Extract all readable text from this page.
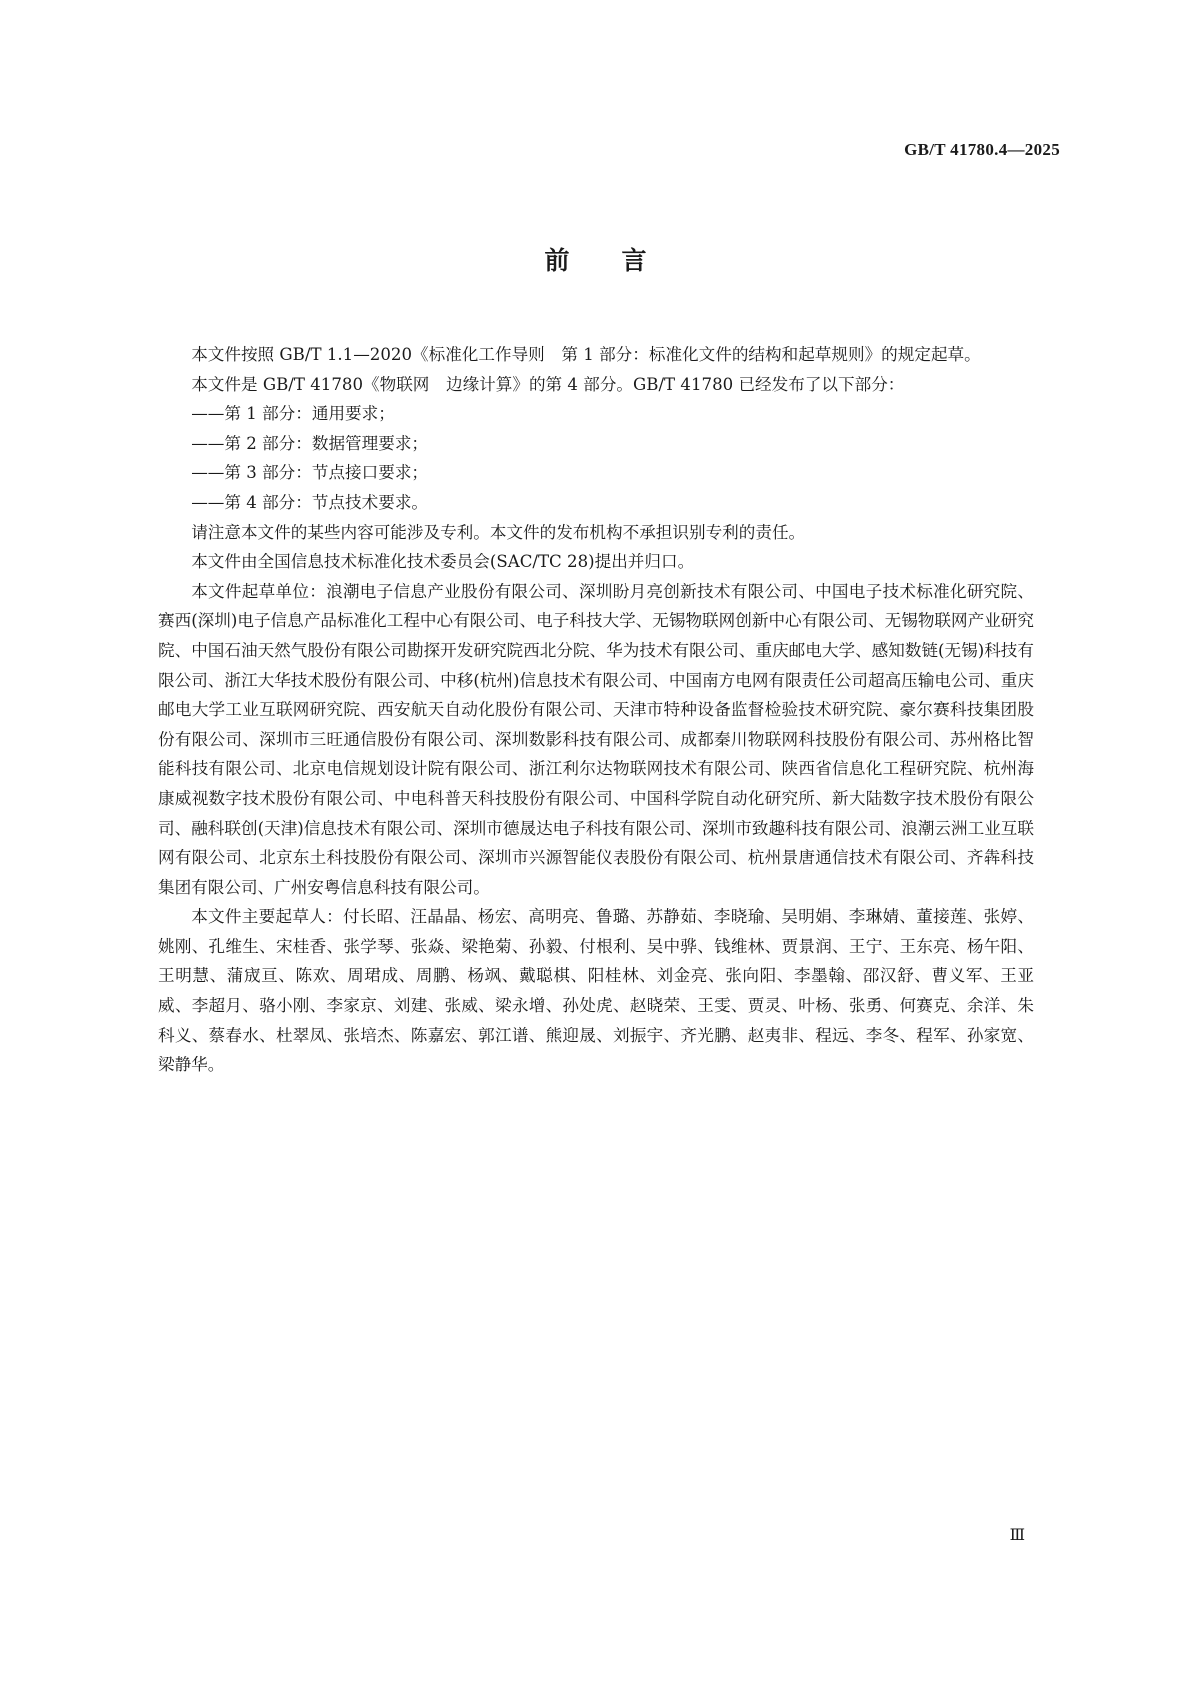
GB/T 41780.4—2025
前言

本文件按照 GB/T 1.1—2020《标准化工作导则　第 1 部分：标准化文件的结构和起草规则》的规定起草。

本文件是 GB/T 41780《物联网　边缘计算》的第 4 部分。GB/T 41780 已经发布了以下部分：

——第 1 部分：通用要求；

——第 2 部分：数据管理要求；

——第 3 部分：节点接口要求；

——第 4 部分：节点技术要求。

请注意本文件的某些内容可能涉及专利。本文件的发布机构不承担识别专利的责任。

本文件由全国信息技术标准化技术委员会(SAC/TC 28)提出并归口。

本文件起草单位：浪潮电子信息产业股份有限公司、深圳盼月亮创新技术有限公司、中国电子技术标准化研究院、赛西(深圳)电子信息产品标准化工程中心有限公司、电子科技大学、无锡物联网创新中心有限公司、无锡物联网产业研究院、中国石油天然气股份有限公司勘探开发研究院西北分院、华为技术有限公司、重庆邮电大学、感知数链(无锡)科技有限公司、浙江大华技术股份有限公司、中移(杭州)信息技术有限公司、中国南方电网有限责任公司超高压输电公司、重庆邮电大学工业互联网研究院、西安航天自动化股份有限公司、天津市特种设备监督检验技术研究院、豪尔赛科技集团股份有限公司、深圳市三旺通信股份有限公司、深圳数影科技有限公司、成都秦川物联网科技股份有限公司、苏州格比智能科技有限公司、北京电信规划设计院有限公司、浙江利尔达物联网技术有限公司、陕西省信息化工程研究院、杭州海康威视数字技术股份有限公司、中电科普天科技股份有限公司、中国科学院自动化研究所、新大陆数字技术股份有限公司、融科联创(天津)信息技术有限公司、深圳市德晟达电子科技有限公司、深圳市致趣科技有限公司、浪潮云洲工业互联网有限公司、北京东土科技股份有限公司、深圳市兴源智能仪表股份有限公司、杭州景唐通信技术有限公司、齐犇科技集团有限公司、广州安粤信息科技有限公司。

本文件主要起草人：付长昭、汪晶晶、杨宏、高明亮、鲁璐、苏静茹、李晓瑜、吴明娟、李琳婧、董接莲、张婷、姚刚、孔维生、宋桂香、张学琴、张焱、梁艳菊、孙毅、付根利、吴中骅、钱维林、贾景润、王宁、王东亮、杨午阳、王明慧、蒲宬亘、陈欢、周珺成、周鹏、杨飒、戴聪棋、阳桂林、刘金亮、张向阳、李墨翰、邵汉舒、曹义军、王亚威、李超月、骆小刚、李家京、刘建、张威、梁永增、孙处虎、赵晓荣、王雯、贾灵、叶杨、张勇、何赛克、余洋、朱科义、蔡春水、杜翠凤、张培杰、陈嘉宏、郭江谱、熊迎晟、刘振宇、齐光鹏、赵夷非、程远、李冬、程军、孙家宽、梁静华。

Ⅲ
